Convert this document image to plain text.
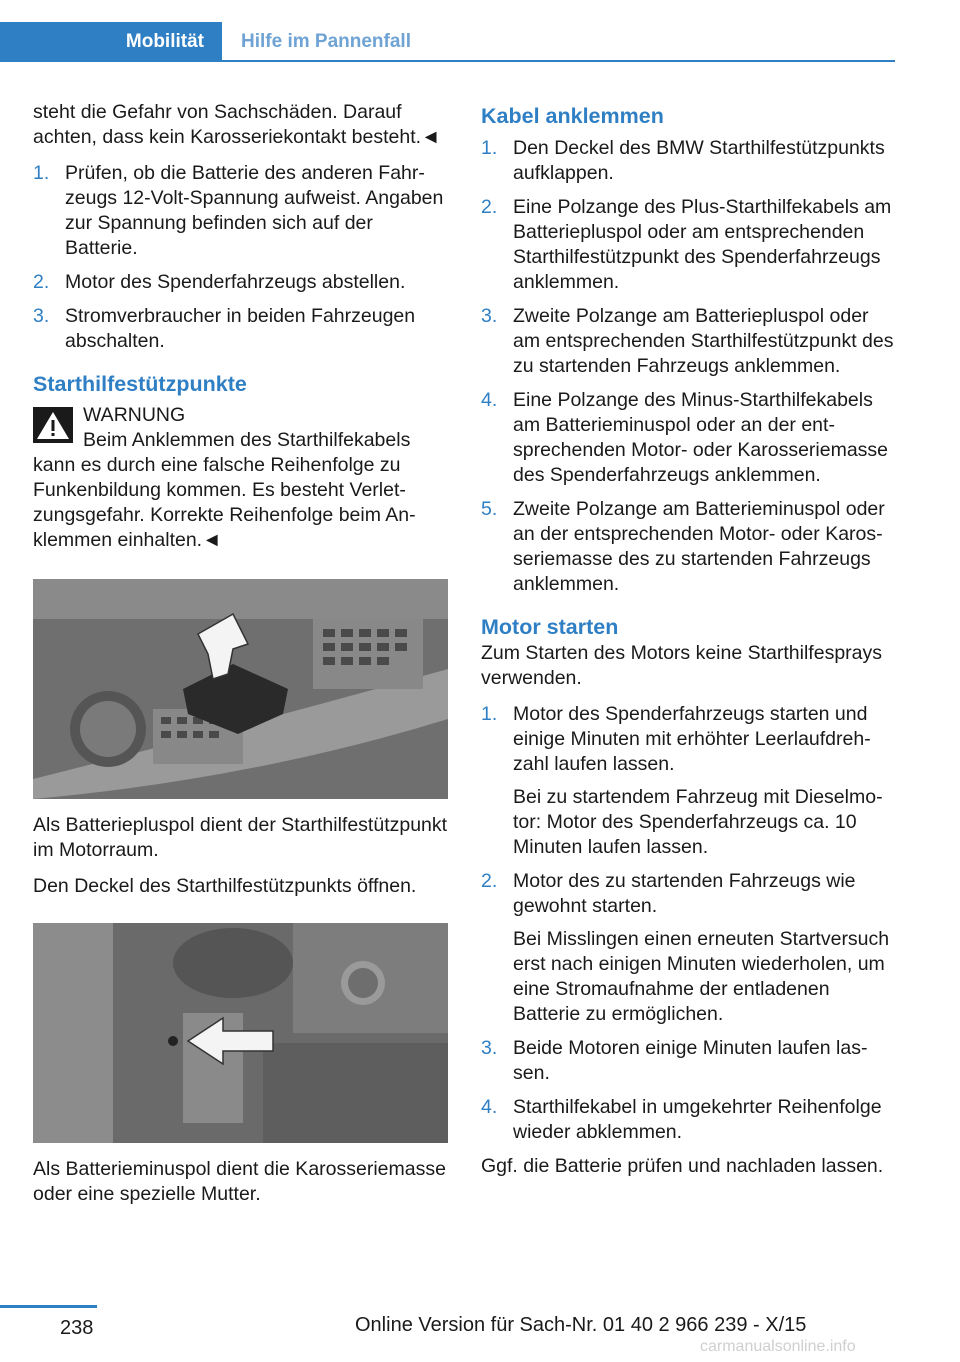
Mobilität	Hilfe im Pannenfall

steht die Gefahr von Sachschäden. Darauf achten, dass kein Karosseriekontakt besteht.◄

1. Prüfen, ob die Batterie des anderen Fahrzeugs 12-Volt-Spannung aufweist. Angaben zur Spannung befinden sich auf der Batterie.
2. Motor des Spenderfahrzeugs abstellen.
3. Stromverbraucher in beiden Fahrzeugen abschalten.
Starthilfestützpunkte
WARNUNG
Beim Anklemmen des Starthilfekabels
kann es durch eine falsche Reihenfolge zu Funkenbildung kommen. Es besteht Verletzungsgefahr. Korrekte Reihenfolge beim Anklemmen einhalten.◄

Als Batteriepluspol dient der Starthilfestützpunkt im Motorraum.

Den Deckel des Starthilfestützpunkts öffnen.

Als Batterieminuspol dient die Karosseriemasse oder eine spezielle Mutter.

Kabel anklemmen
1. Den Deckel des BMW Starthilfestützpunkts aufklappen.
2. Eine Polzange des Plus-Starthilfekabels am Batteriepluspol oder am entsprechenden Starthilfestützpunkt des Spenderfahrzeugs anklemmen.
3. Zweite Polzange am Batteriepluspol oder am entsprechenden Starthilfestützpunkt des zu startenden Fahrzeugs anklemmen.
4. Eine Polzange des Minus-Starthilfekabels am Batterieminuspol oder an der entsprechenden Motor- oder Karosseriemasse des Spenderfahrzeugs anklemmen.
5. Zweite Polzange am Batterieminuspol oder an der entsprechenden Motor- oder Karosseriemasse des zu startenden Fahrzeugs anklemmen.
Motor starten

Zum Starten des Motors keine Starthilfesprays verwenden.

1. Motor des Spenderfahrzeugs starten und einige Minuten mit erhöhter Leerlaufdrehzahl laufen lassen.
Bei zu startendem Fahrzeug mit Dieselmotor: Motor des Spenderfahrzeugs ca. 10 Minuten laufen lassen.
2. Motor des zu startenden Fahrzeugs wie gewohnt starten.
Bei Misslingen einen erneuten Startversuch erst nach einigen Minuten wiederholen, um eine Stromaufnahme der entladenen Batterie zu ermöglichen.
3. Beide Motoren einige Minuten laufen lassen.
4. Starthilfekabel in umgekehrter Reihenfolge wieder abklemmen.

Ggf. die Batterie prüfen und nachladen lassen.

238	Online Version für Sach-Nr. 01 40 2 966 239 - X/15
carmanualsonline.info
